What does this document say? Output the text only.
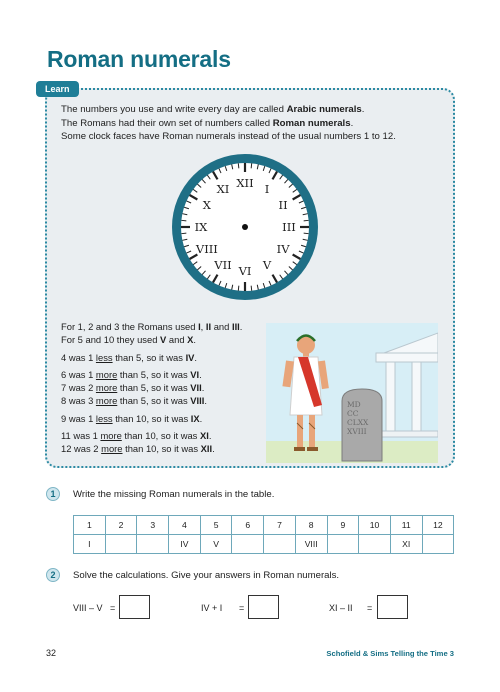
Roman numerals
Learn
The numbers you use and write every day are called Arabic numerals.
The Romans had their own set of numbers called Roman numerals.
Some clock faces have Roman numerals instead of the usual numbers 1 to 12.
XII I
II
III
IV
V
VI
VII
VIII
IX
X
XI
For 1, 2 and 3 the Romans used I, II and III.
For 5 and 10 they used V and X.
4 was 1 less than 5, so it was IV.
6 was 1 more than 5, so it was VI.
7 was 2 more than 5, so it was VII.
8 was 3 more than 5, so it was VIII.
9 was 1 less than 10, so it was IX.
11 was 1 more than 10, so it was XI.
12 was 2 more than 10, so it was XII.
MD CC CLXX XVIII
1	Write the missing Roman numerals in the table.
1	2	3	4	5	6	7	8	9	10	11	12
I			IV	V			VIII			XI	
2	Solve the calculations. Give your answers in Roman numerals.
VIII – V =	IV + I =	XI – II =
32	Schofield & Sims Telling the Time 3
